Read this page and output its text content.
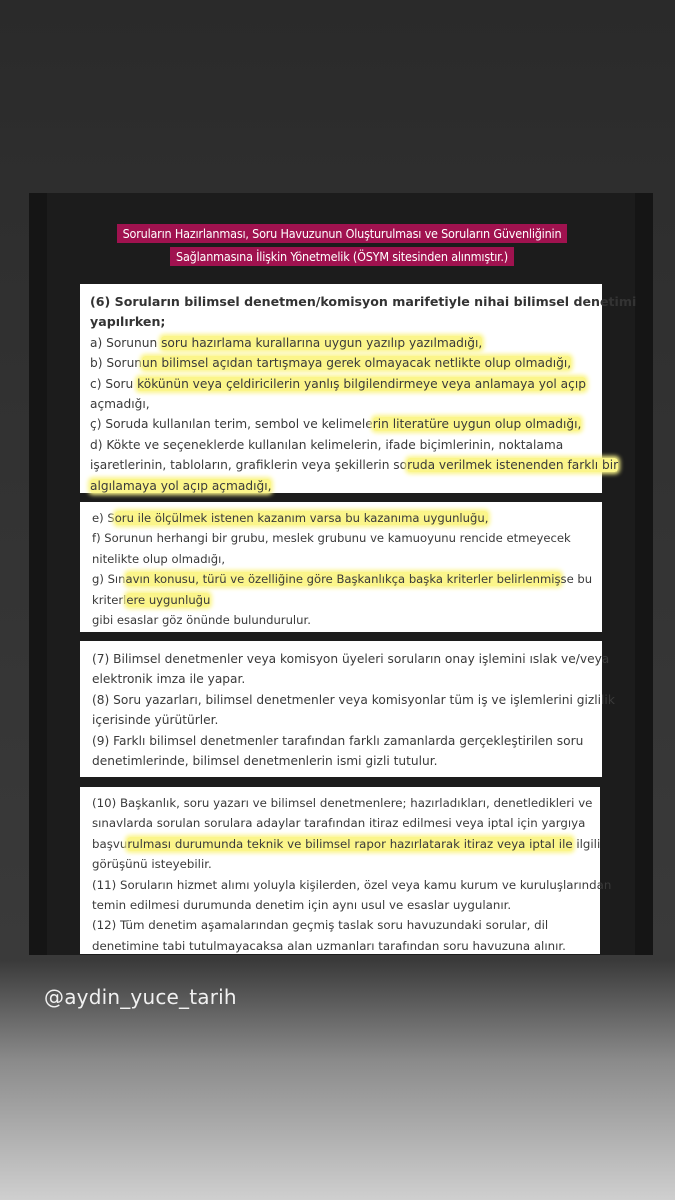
Soruların Hazırlanması, Soru Havuzunun Oluşturulması ve Soruların Güvenliğinin
Sağlanmasına İlişkin Yönetmelik (ÖSYM sitesinden alınmıştır.)

(6) Soruların bilimsel denetmen/komisyon marifetiyle nihai bilimsel denetimi

yapılırken;

a) Sorunun soru hazırlama kurallarına uygun yazılıp yazılmadığı,

b) Sorunun bilimsel açıdan tartışmaya gerek olmayacak netlikte olup olmadığı,

c) Soru kökünün veya çeldiricilerin yanlış bilgilendirmeye veya anlamaya yol açıp

açmadığı,

ç) Soruda kullanılan terim, sembol ve kelimelerin literatüre uygun olup olmadığı,

d) Kökte ve seçeneklerde kullanılan kelimelerin, ifade biçimlerinin, noktalama

işaretlerinin, tabloların, grafiklerin veya şekillerin soruda verilmek istenenden farklı bir

algılamaya yol açıp açmadığı,

e) Soru ile ölçülmek istenen kazanım varsa bu kazanıma uygunluğu,

f) Sorunun herhangi bir grubu, meslek grubunu ve kamuoyunu rencide etmeyecek

nitelikte olup olmadığı,

g) Sınavın konusu, türü ve özelliğine göre Başkanlıkça başka kriterler belirlenmişse bu

kriterlere uygunluğu

gibi esaslar göz önünde bulundurulur.

(7) Bilimsel denetmenler veya komisyon üyeleri soruların onay işlemini ıslak ve/veya

elektronik imza ile yapar.

(8) Soru yazarları, bilimsel denetmenler veya komisyonlar tüm iş ve işlemlerini gizlilik

içerisinde yürütürler.

(9) Farklı bilimsel denetmenler tarafından farklı zamanlarda gerçekleştirilen soru

denetimlerinde, bilimsel denetmenlerin ismi gizli tutulur.

(10) Başkanlık, soru yazarı ve bilimsel denetmenlere; hazırladıkları, denetledikleri ve

sınavlarda sorulan sorulara adaylar tarafından itiraz edilmesi veya iptal için yargıya

başvurulması durumunda teknik ve bilimsel rapor hazırlatarak itiraz veya iptal ile ilgili

görüşünü isteyebilir.

(11) Soruların hizmet alımı yoluyla kişilerden, özel veya kamu kurum ve kuruluşlarından

temin edilmesi durumunda denetim için aynı usul ve esaslar uygulanır.

(12) Tüm denetim aşamalarından geçmiş taslak soru havuzundaki sorular, dil

denetimine tabi tutulmayacaksa alan uzmanları tarafından soru havuzuna alınır.

@aydin_yuce_tarih
